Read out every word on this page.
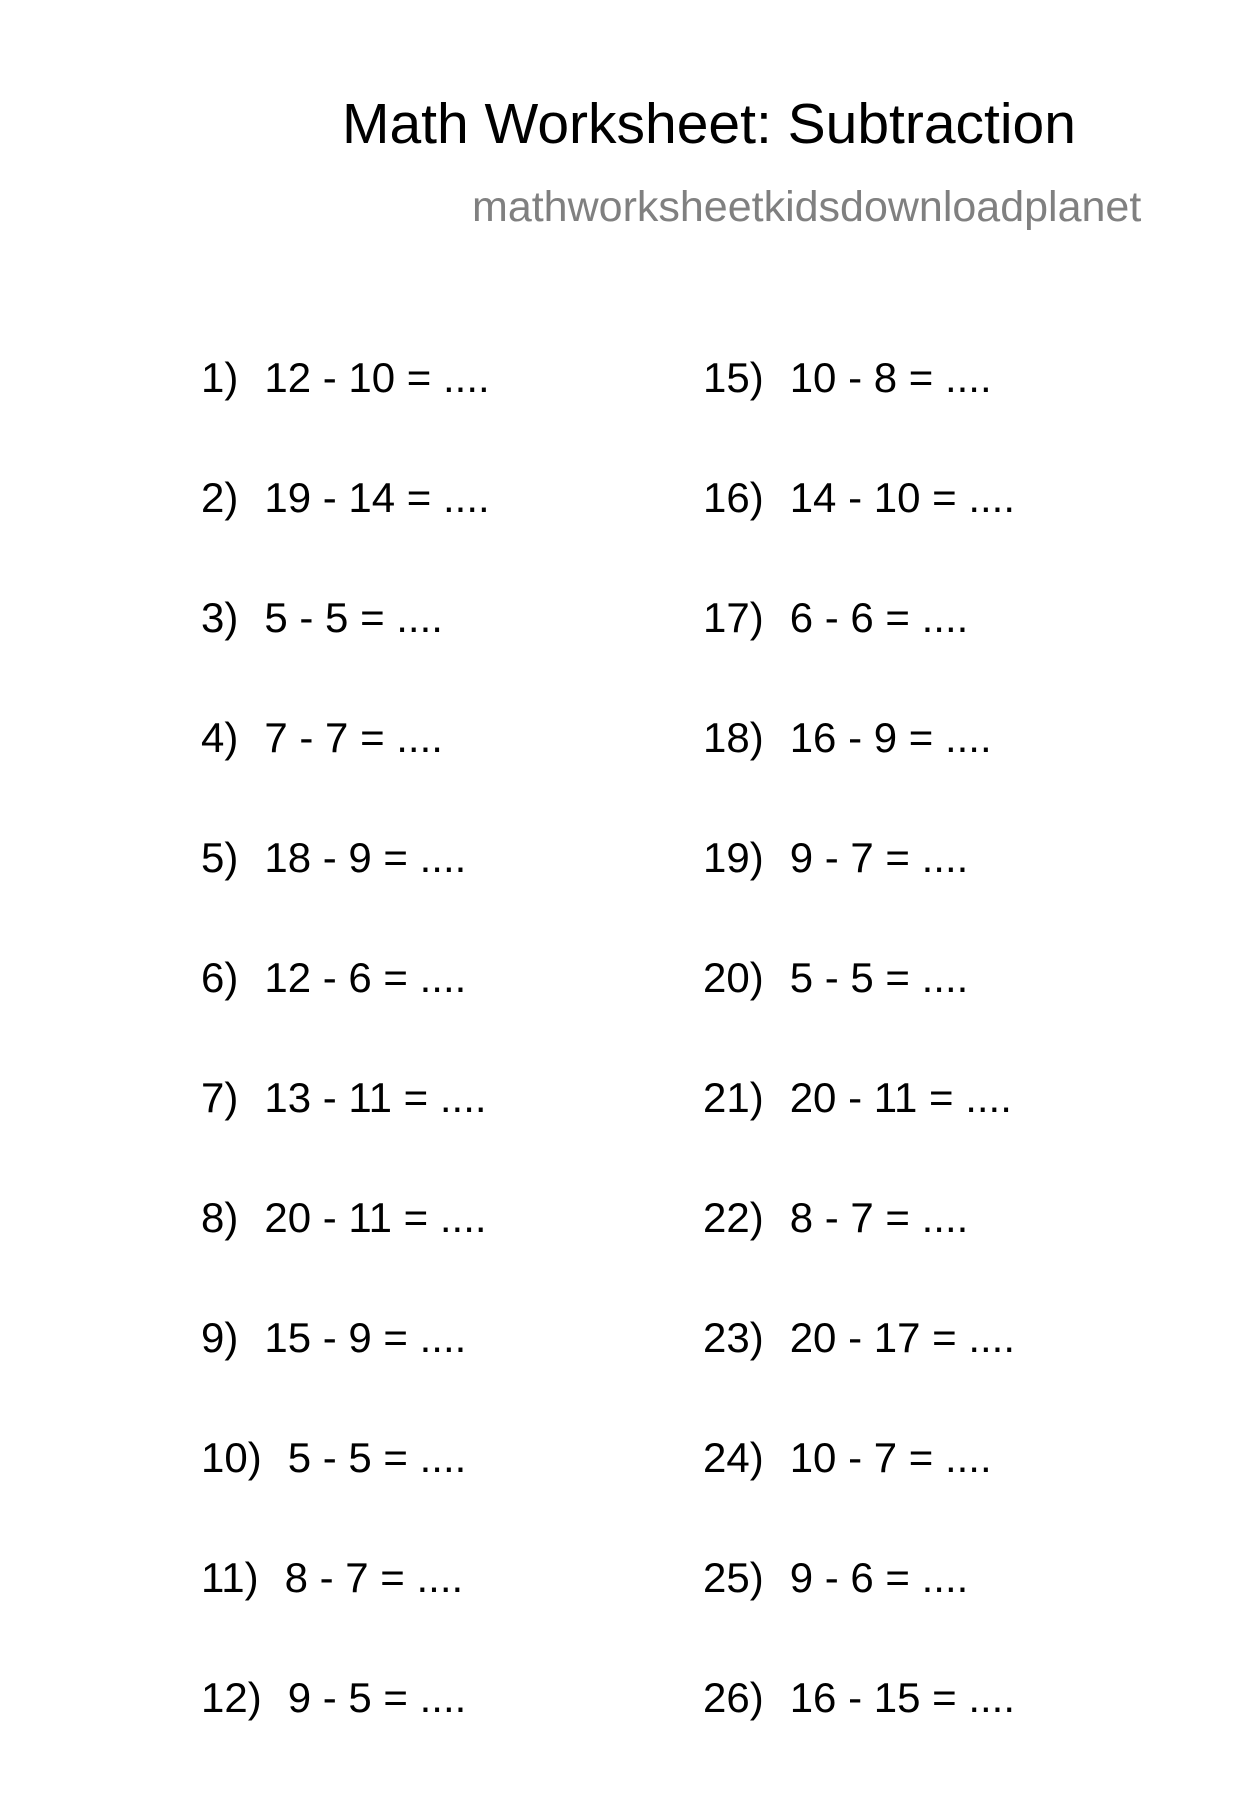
Math Worksheet: Subtraction
mathworksheetkidsdownloadplanet
1) 12 - 10 = ....
2) 19 - 14 = ....
3) 5 - 5 = ....
4) 7 - 7 = ....
5) 18 - 9 = ....
6) 12 - 6 = ....
7) 13 - 11 = ....
8) 20 - 11 = ....
9) 15 - 9 = ....
10) 5 - 5 = ....
11) 8 - 7 = ....
12) 9 - 5 = ....
15) 10 - 8 = ....
16) 14 - 10 = ....
17) 6 - 6 = ....
18) 16 - 9 = ....
19) 9 - 7 = ....
20) 5 - 5 = ....
21) 20 - 11 = ....
22) 8 - 7 = ....
23) 20 - 17 = ....
24) 10 - 7 = ....
25) 9 - 6 = ....
26) 16 - 15 = ....
